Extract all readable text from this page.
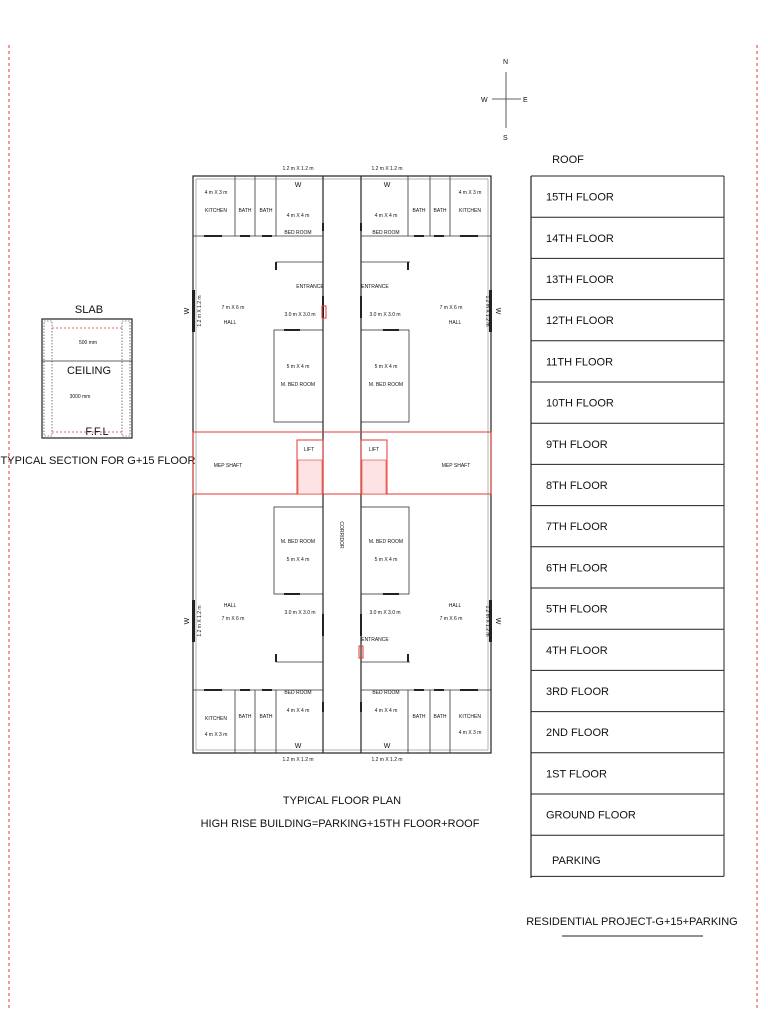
N
S
W	E
SLAB
500 mm
CEILING
3000 mm
F.F.L
TYPICAL SECTION FOR G+15 FLOOR
W	W
1.2 m X 1.2 m	1.2 m X 1.2 m
W	W
1.2 m X 1.2 m	1.2 m X 1.2 m
W	W
W	W
1.2 m X 1.2 m	1.2 m X 1.2 m
1.2 m X 1.2 m	1.2 m X 1.2 m
CORRIDOR
MEP SHAFT	MEP SHAFT
LIFT	LIFT
ENTRANCE	ENTRANCE
ENTRANCE
4 m X 3 m
KITCHEN BATH BATH
4 m X 4 m
BED ROOM
7 m X 6 m
HALL
3.0 m X 3.0 m
5 m X 4 m
M. BED ROOM
4 m X 3 m
KITCHEN
BATH BATH
4 m X 4 m
BED ROOM
7 m X 6 m
HALL
3.0 m X 3.0 m
5 m X 4 m
M. BED ROOM
M. BED ROOM
5 m X 4 m
HALL
7 m X 6 m
3.0 m X 3.0 m
BED ROOM
4 m X 4 m
KITCHEN
4 m X 3 m
BATH BATH
M. BED ROOM
5 m X 4 m
HALL
7 m X 6 m
3.0 m X 3.0 m
BED ROOM
4 m X 4 m
KITCHEN
4 m X 3 m
BATH BATH
TYPICAL FLOOR PLAN
HIGH RISE BUILDING=PARKING+15TH FLOOR+ROOF
ROOF
15TH FLOOR
14TH FLOOR
13TH FLOOR
12TH FLOOR
11TH FLOOR
10TH FLOOR
9TH FLOOR
8TH FLOOR
7TH FLOOR
6TH FLOOR
5TH FLOOR
4TH FLOOR
3RD FLOOR
2ND FLOOR
1ST FLOOR
GROUND FLOOR
PARKING
RESIDENTIAL PROJECT-G+15+PARKING
